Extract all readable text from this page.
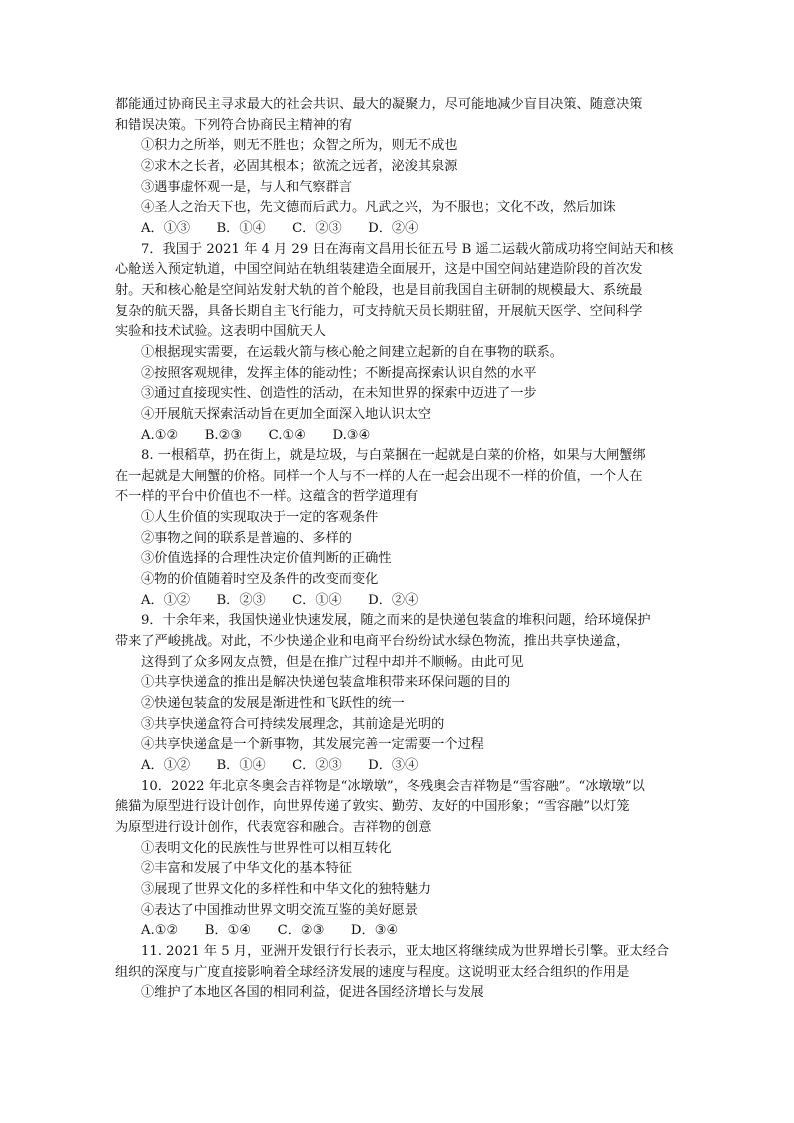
都能通过协商民主寻求最大的社会共识、最大的凝聚力，尽可能地减少盲目决策、随意决策

和错误决策。下列符合协商民主精神的宥

①积力之所举，则无不胜也；众智之所为，则无不成也

②求木之长者，必固其根本；欲流之远者，泌浚其泉源

③遇事虚怀观一是，与人和气察群言

④圣人之治天下也，先文德而后武力。凡武之兴，为不服也；文化不改，然后加诛

A．①③　　B．①④　　C．②③　　D．②④

7．我国于 2021 年 4 月 29 日在海南文昌用长征五号 B 遥二运载火箭成功将空间站天和核

心舱送入预定轨道，中国空间站在轨组装建造全面展开，这是中国空间站建造阶段的首次发

射。天和核心舱是空间站发射犬轨的首个舱段，也是目前我国自主研制的规模最大、系统最

复杂的航天器，具备长期自主飞行能力，可支持航天员长期驻留，开展航天医学、空间科学

实验和技术试验。这表明中国航天人

①根据现实需要，在运载火箭与核心舱之间建立起新的自在事物的联系。

②按照客观规律，发挥主体的能动性；不断提高探索认识自然的水平

③通过直接现实性、创造性的活动，在未知世界的探索中迈进了一步

④开展航天探索活动旨在更加全面深入地认识太空

A.①②　　B.②③　　C.①④　　D.③④

8. 一根稻草，扔在街上，就是垃圾，与白菜捆在一起就是白菜的价格，如果与大闸蟹绑

在一起就是大闸蟹的价格。同样一个人与不一样的人在一起会出现不一样的价值，一个人在

不一样的平台中价值也不一样。这蕴含的哲学道理有

①人生价值的实现取决于一定的客观条件

②事物之间的联系是普遍的、多样的

③价值选择的合理性决定价值判断的正确性

④物的价值随着时空及条件的改变而变化

A．①②　　B．②③　　C．①④　　D．②④

9．十余年来，我国快递业快速发展，随之而来的是快递包装盒的堆积问题，给环境保护

带来了严峻挑战。对此，不少快递企业和电商平台纷纷试水绿色物流，推出共享快递盒，

这得到了众多网友点赞，但是在推广过程中却并不顺畅。由此可见

①共享快递盒的推出是解决快递包装盒堆积带来环保问题的目的

②快递包装盒的发展是渐进性和飞跃性的统一

③共享快递盒符合可持续发展理念，其前途是光明的

④共享快递盒是一个新事物，其发展完善一定需要一个过程

A．①②　　B．①④　　C．②③　　D．③④

10．2022 年北京冬奥会吉祥物是“冰墩墩”，冬残奥会吉祥物是“雪容融”。“冰墩墩”以

熊猫为原型进行设计创作，向世界传递了敦实、勤劳、友好的中国形象；“雪容融”以灯笼

为原型进行设计创作，代表宽容和融合。吉祥物的创意

①表明文化的民族性与世界性可以相互转化

②丰富和发展了中华文化的基本特征

③展现了世界文化的多样性和中华文化的独特魅力

④表达了中国推动世界文明交流互鉴的美好愿景

A.①②　　B．①④　　C．②③　　D．③④

11. 2021 年 5 月，亚洲开发银行行长表示，亚太地区将继续成为世界增长引擎。亚太经合

组织的深度与广度直接影响着全球经济发展的速度与程度。这说明亚太经合组织的作用是

①维护了本地区各国的相同利益，促进各国经济增长与发展
